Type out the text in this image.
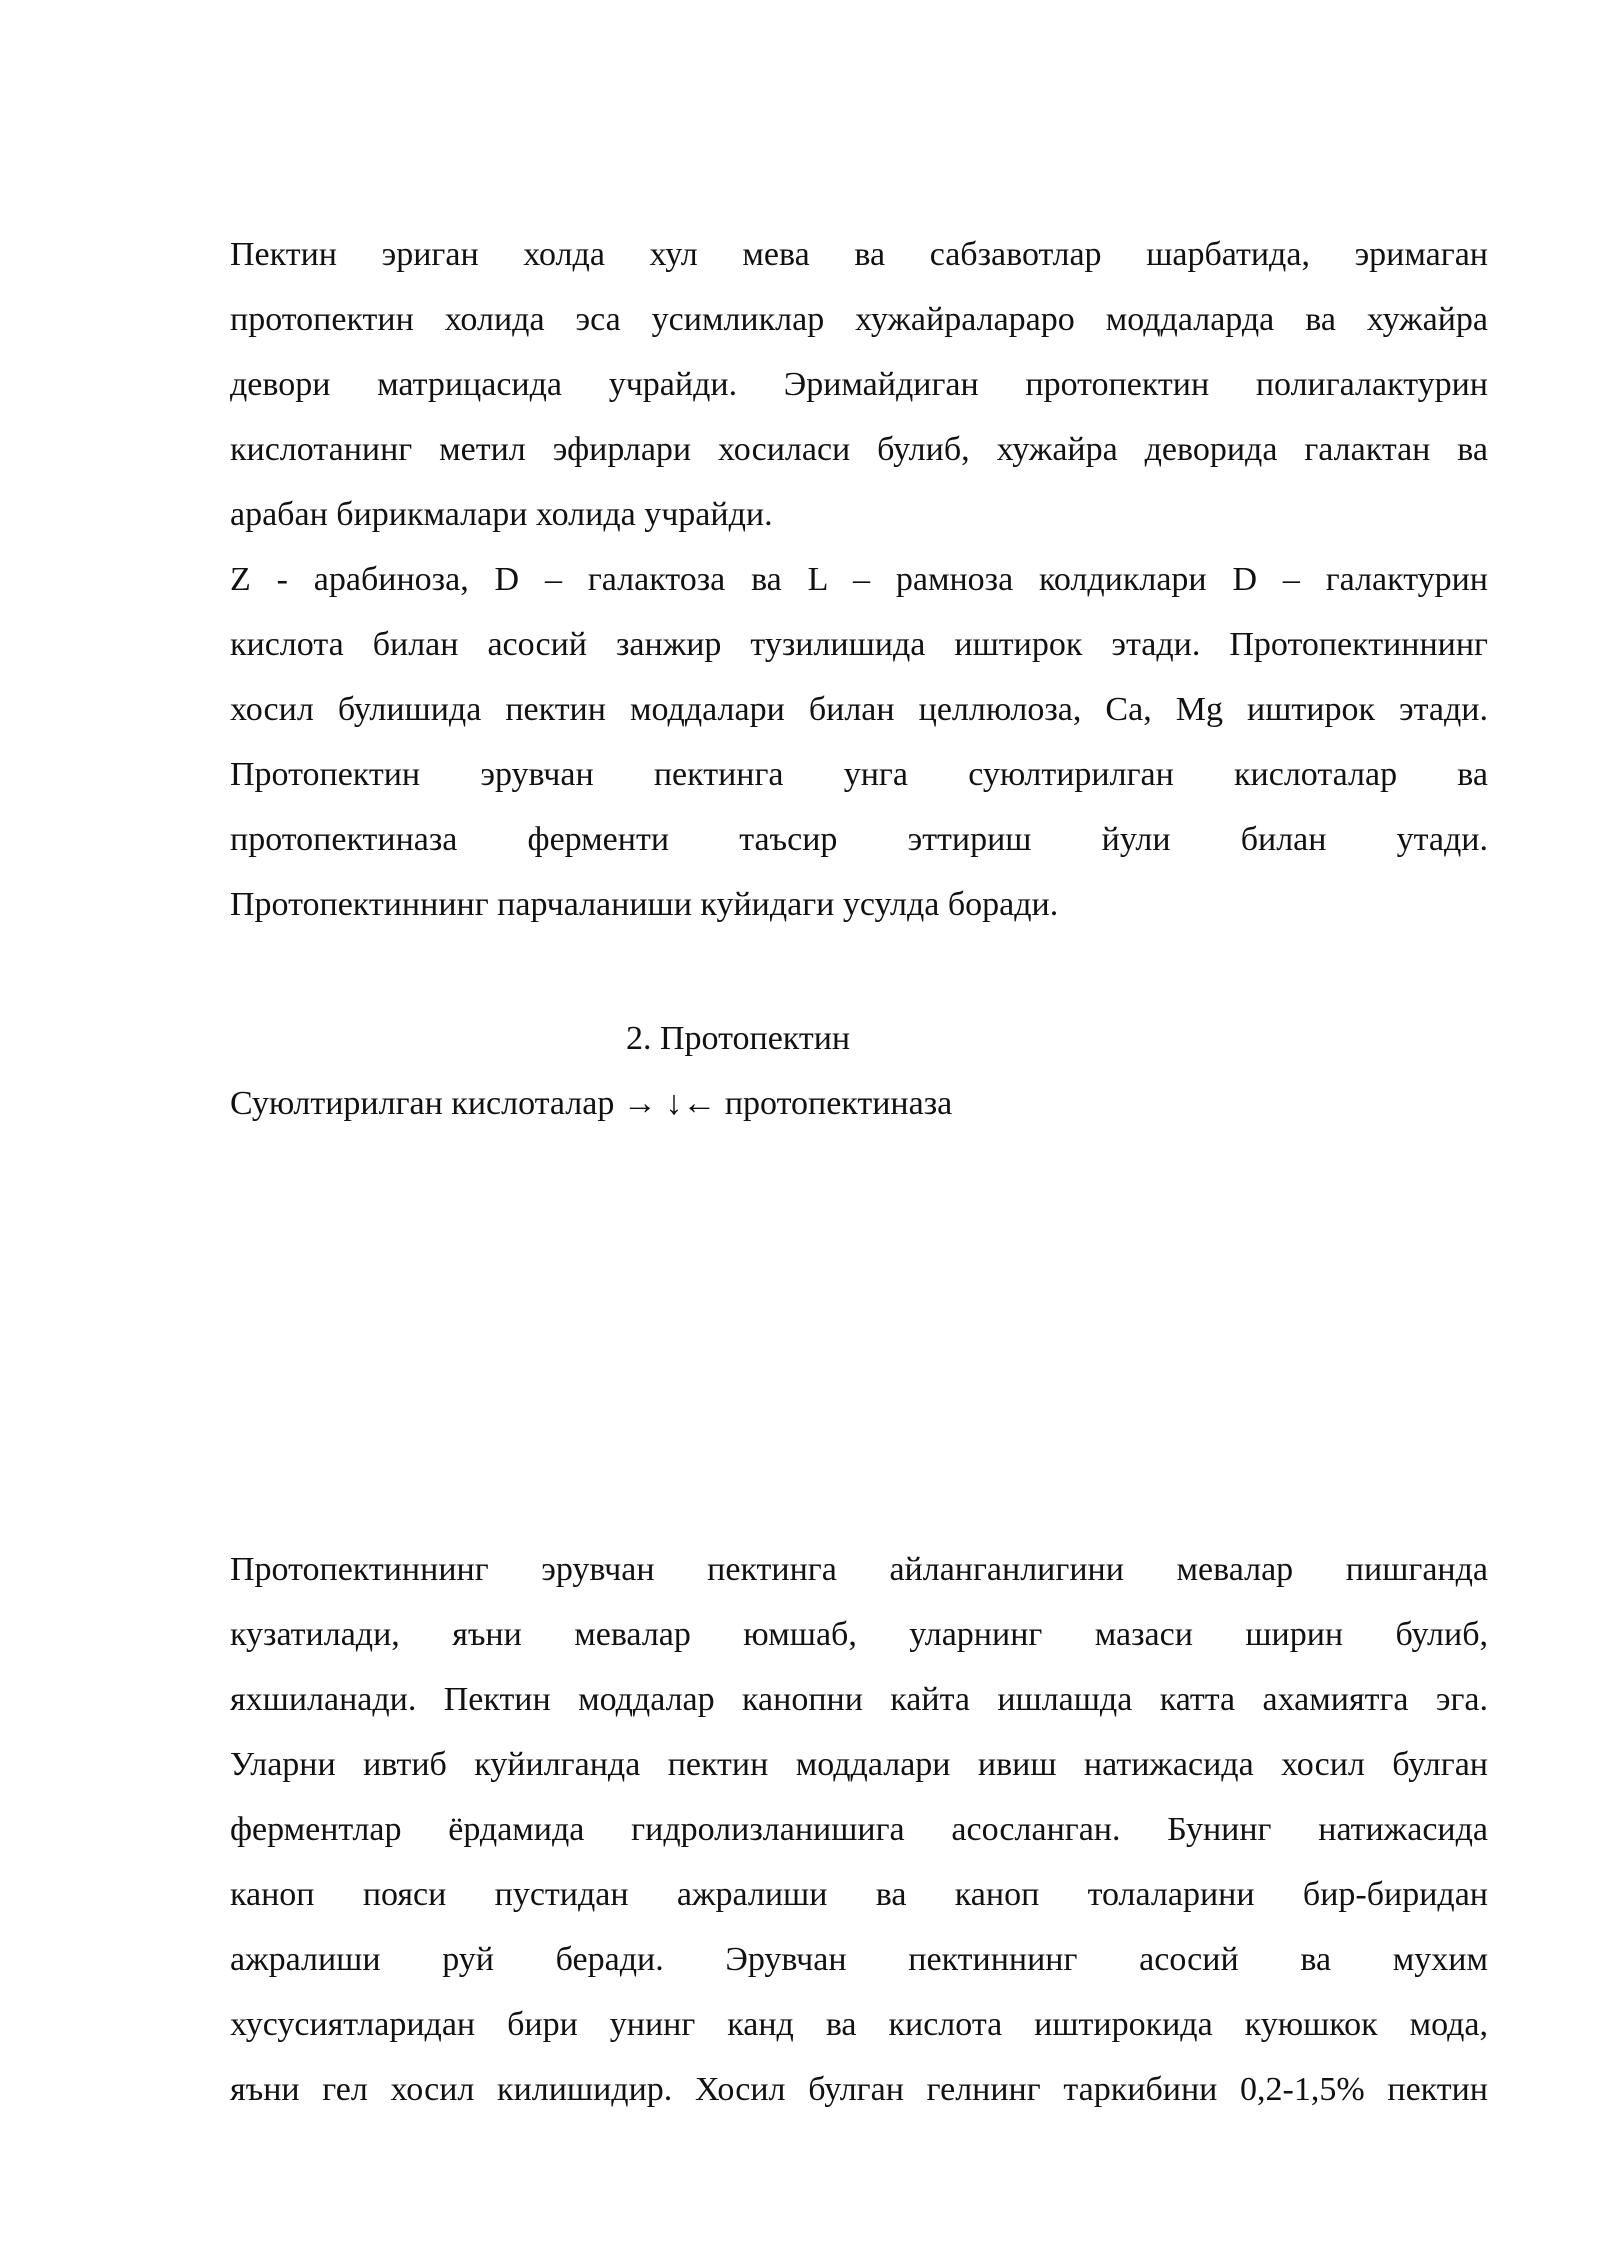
Пектин эриган холда хул мева ва сабзавотлар шарбатида, эримаган
протопектин холида эса усимликлар хужайраларaро моддаларда ва хужайра
девори матрицасида учрайди. Эримайдиган протопектин полигалактурин
кислотанинг метил эфирлари хосиласи булиб, хужайра деворида галактан ва
арабан бирикмалари холида учрайди.

Z - арабиноза, D – галактоза ва L – рамноза колдиклари D – галактурин
кислота билан асосий занжир тузилишида иштирок этади. Протопектиннинг
хосил булишида пектин моддалари билан целлюлоза, Ca, Mg иштирок этади.
Протопектин эрувчан пектинга унга суюлтирилган кислоталар ва
протопектиназа ферменти таъсир эттириш йули билан утади.
Протопектиннинг парчаланиши куйидаги усулда боради.

2. Протопектин
Суюлтирилган кислоталар → ↓← протопектиназа

Протопектиннинг эрувчан пектинга айланганлигини мевалар пишганда
кузатилади, яъни мевалар юмшаб, уларнинг мазаси ширин булиб,
яхшиланади. Пектин моддалар канопни кайта ишлашда катта ахамиятга эга.
Уларни ивтиб куйилганда пектин моддалари ивиш натижасида хосил булган
ферментлар ёрдамида гидролизланишига асосланган. Бунинг натижасида
каноп пояси пустидан ажралиши ва каноп толаларини бир-биридан
ажралиши руй беради. Эрувчан пектиннинг асосий ва мухим
хусусиятларидан бири унинг канд ва кислота иштирокида куюшкок мода,
яъни гел хосил килишидир. Хосил булган гелнинг таркибини 0,2-1,5% пектин
